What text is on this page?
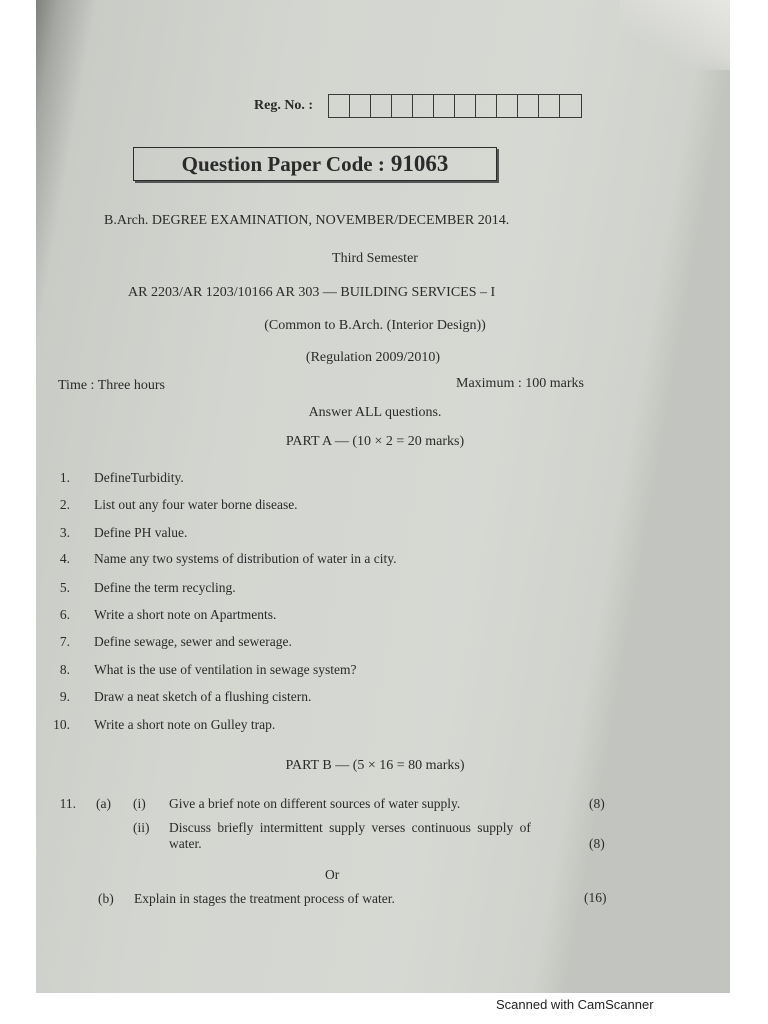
Reg. No. :
Question Paper Code : 91063
B.Arch. DEGREE EXAMINATION, NOVEMBER/DECEMBER 2014.
Third Semester
AR 2203/AR 1203/10166 AR 303 — BUILDING SERVICES – I
(Common to B.Arch. (Interior Design))
(Regulation 2009/2010)
Time : Three hours	Maximum : 100 marks
Answer ALL questions.
PART A — (10 × 2 = 20 marks)
1. DefineTurbidity.
2. List out any four water borne disease.
3. Define PH value.
4. Name any two systems of distribution of water in a city.
5. Define the term recycling.
6. Write a short note on Apartments.
7. Define sewage, sewer and sewerage.
8. What is the use of ventilation in sewage system?
9. Draw a neat sketch of a flushing cistern.
10. Write a short note on Gulley trap.
PART B — (5 × 16 = 80 marks)
11. (a) (i) Give a brief note on different sources of water supply.	(8)
(ii) Discuss briefly intermittent supply verses continuous supply of
water.	(8)
Or
(b) Explain in stages the treatment process of water.	(16)
Scanned with CamScanner
